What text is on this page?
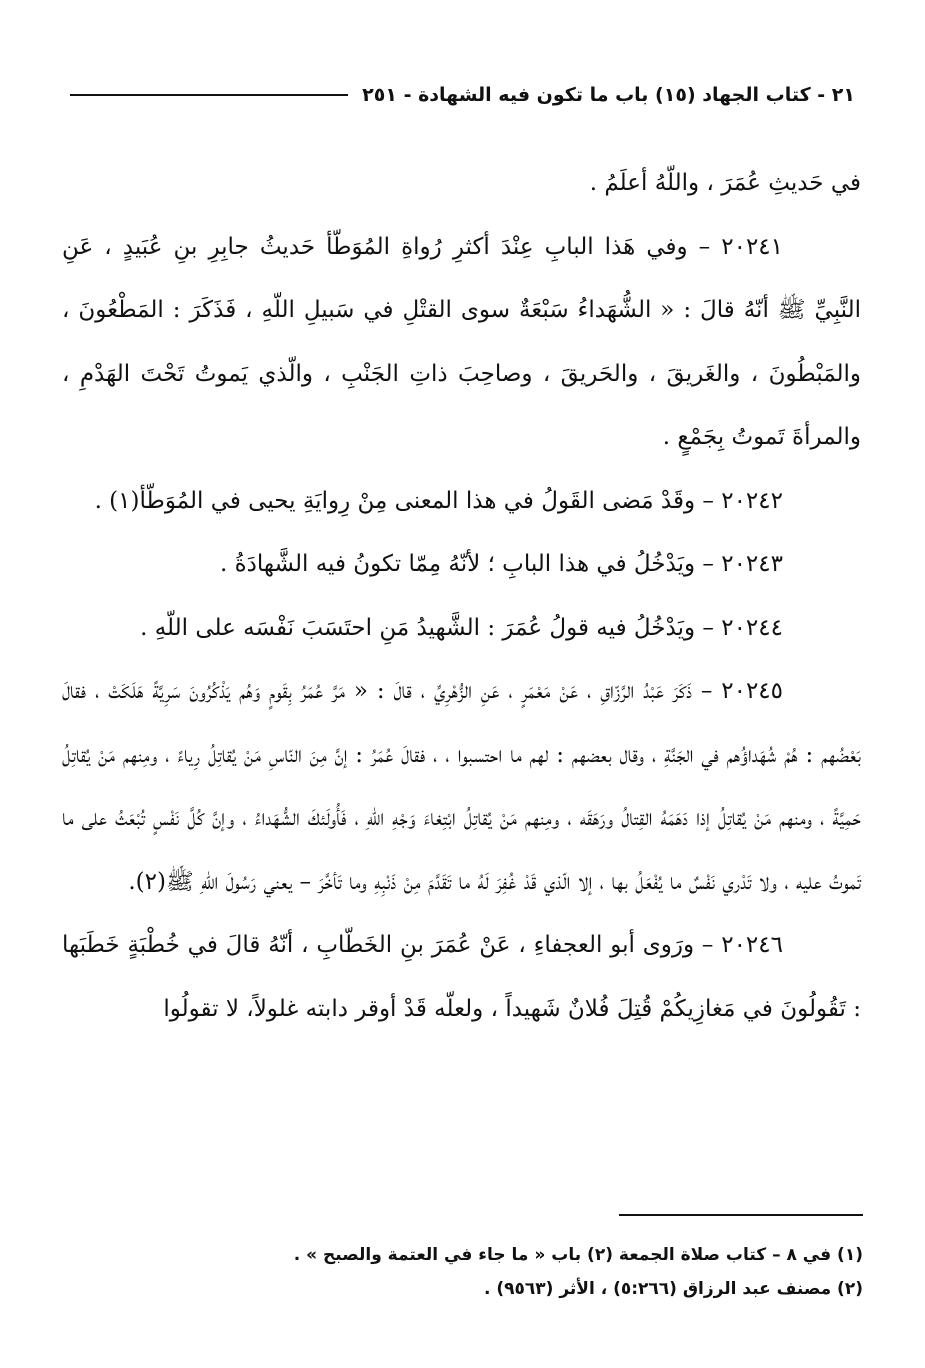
٢١ - كتاب الجهاد (١٥) باب ما تكون فيه الشهادة - ٢٥١

في حَديثِ عُمَرَ ، واللّهُ أعلَمُ .

٢٠٢٤١ – وفي هَذا البابِ عِنْدَ أكثرِ رُواةِ المُوَطّأ حَديثُ جابِرِ بنِ عُبَيدٍ ، عَنِ النَّبِيِّ ﷺ أنّهُ قالَ : « الشُّهَداءُ سَبْعَةٌ سوى القتْلِ في سَبيلِ اللّهِ ، فَذَكَرَ : المَطْعُونَ ، والمَبْطُونَ ، والغَريقَ ، والحَريقَ ، وصاحِبَ ذاتِ الجَنْبِ ، والّذي يَموتُ تَحْتَ الهَدْمِ ، والمرأةَ تَموتُ بِجَمْعٍ .

٢٠٢٤٢ – وقَدْ مَضى القَولُ في هذا المعنى مِنْ رِوايَةِ يحيى في المُوَطّأ(١) .

٢٠٢٤٣ – ويَدْخُلُ في هذا البابِ ؛ لأنّهُ مِمّا تكونُ فيه الشَّهادَةُ .

٢٠٢٤٤ – ويَدْخُلُ فيه قولُ عُمَرَ : الشَّهيدُ مَنِ احتَسَبَ نَفْسَه على اللّهِ .

٢٠٢٤٥ – ذَكَرَ عَبْدُ الرَّزّاقِ ، عَنْ مَعْمَرٍ ، عَنِ الزُّهْرِيِّ ، قالَ : « مَرَّ عُمَرُ بِقَومٍ وَهُم يَذْكُرُونَ سَرِيَّةً هَلَكَتْ ، فقالَ بَعْضُهم : هُمْ شُهَداؤُهم في الجَنَّةِ ، وقال بعضهم : لهم ما احتسبوا ، ، فقالَ عُمَرُ : إنَّ مِنَ النّاسِ مَنْ يُقاتِلُ رِياءً ، ومِنهم مَنْ يُقاتِلُ حَمِيَّةً ، ومنهم مَنْ يُقاتِلُ إذا دَهَمَهُ القِتالُ ورَهَقَه ، ومِنهم مَنْ يُقاتِلُ ابْتِغاءَ وَجْهِ اللّهِ ، فَأُولَئكَ الشُّهَداءُ ، وإنَّ كُلَّ نَفْسٍ تُبْعَثُ على ما تَموتُ عليه ، ولا تَدْري نَفْسٌ ما يُفْعَلُ بها ، إلا الّذي قَدْ غُفِرَ لَهُ ما تَقَدَّمَ مِنْ ذَنْبِهِ وما تَأخَّرَ – يعني رَسُولَ اللّهِ ﷺ(٢).

٢٠٢٤٦ – ورَوى أبو العجفاءِ ، عَنْ عُمَرَ بنِ الخَطّابِ ، أنّهُ قالَ في خُطْبَةٍ خَطَبَها : تَقُولُونَ في مَغازِيكُمْ قُتِلَ فُلانٌ شَهيداً ، ولعلّه قَدْ أوقر دابته غلولاً، لا تقولُوا

(١) في ٨ – كتاب صلاة الجمعة (٢) باب « ما جاء في العتمة والصبح » .

(٢) مصنف عبد الرزاق (٥:٢٦٦) ، الأثر (٩٥٦٣) .
